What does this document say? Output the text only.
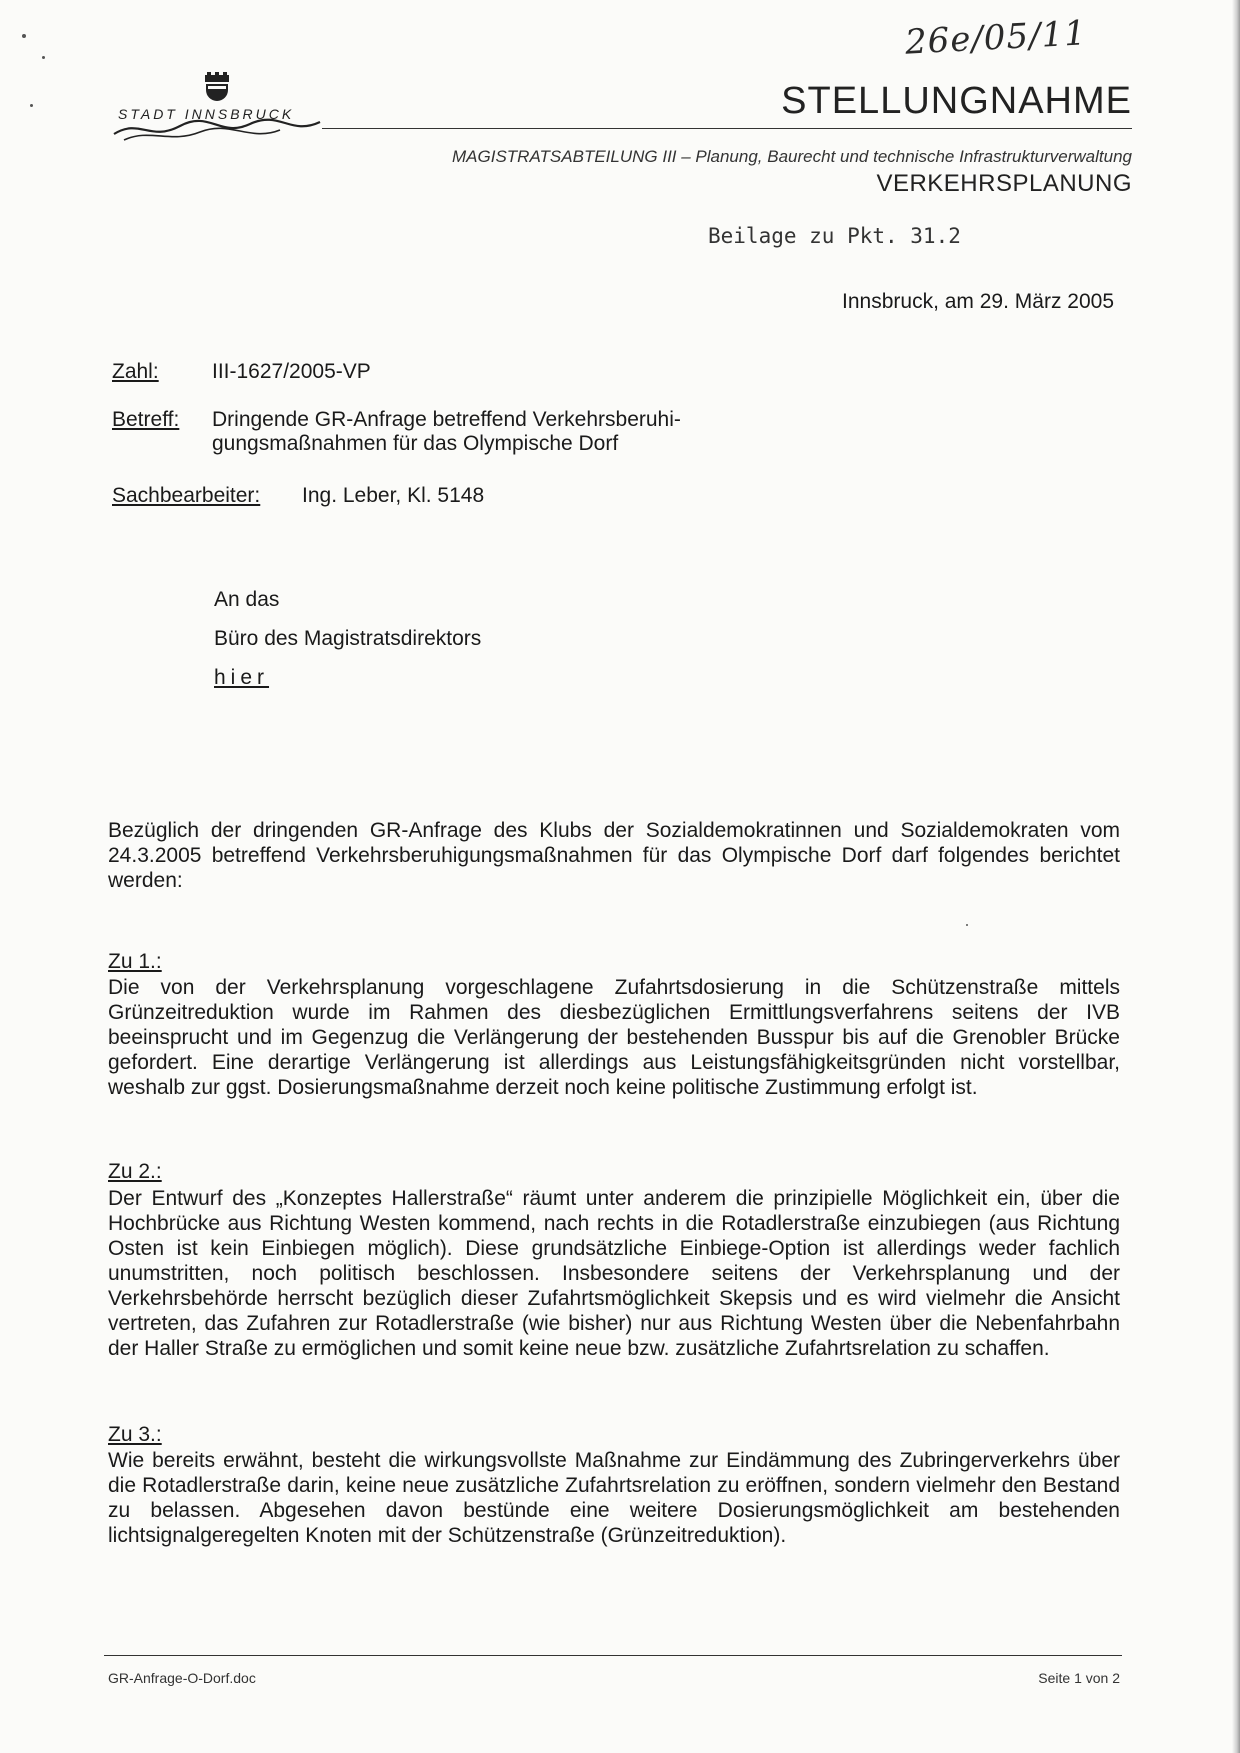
26e/05/11
STADT INNSBRUCK	STELLUNGNAHME
MAGISTRATSABTEILUNG III – Planung, Baurecht und technische Infrastrukturverwaltung
VERKEHRSPLANUNG
Beilage zu Pkt. 31.2
Innsbruck, am 29. März 2005
Zahl:	III-1627/2005-VP
Betreff: Dringende GR-Anfrage betreffend Verkehrsberuhi-
gungsmaßnahmen für das Olympische Dorf
Sachbearbeiter: Ing. Leber, Kl. 5148
An das
Büro des Magistratsdirektors
hier

Bezüglich der dringenden GR-Anfrage des Klubs der Sozialdemokratinnen und Sozialdemokraten vom 24.3.2005 betreffend Verkehrsberuhigungsmaßnahmen für das Olympische Dorf darf folgendes berichtet werden:

Zu 1.:

Die von der Verkehrsplanung vorgeschlagene Zufahrtsdosierung in die Schützenstraße mittels Grünzeitreduktion wurde im Rahmen des diesbezüglichen Ermittlungsverfahrens seitens der IVB beeinsprucht und im Gegenzug die Verlängerung der bestehenden Busspur bis auf die Grenobler Brücke gefordert. Eine derartige Verlängerung ist allerdings aus Leistungsfähigkeitsgründen nicht vorstellbar, weshalb zur ggst. Dosierungsmaßnahme derzeit noch keine politische Zustimmung erfolgt ist.

Zu 2.:

Der Entwurf des „Konzeptes Hallerstraße“ räumt unter anderem die prinzipielle Möglichkeit ein, über die Hochbrücke aus Richtung Westen kommend, nach rechts in die Rotadlerstraße einzubiegen (aus Richtung Osten ist kein Einbiegen möglich). Diese grundsätzliche Einbiege-Option ist allerdings weder fachlich unumstritten, noch politisch beschlossen. Insbesondere seitens der Verkehrsplanung und der Verkehrsbehörde herrscht bezüglich dieser Zufahrtsmöglichkeit Skepsis und es wird vielmehr die Ansicht vertreten, das Zufahren zur Rotadlerstraße (wie bisher) nur aus Richtung Westen über die Nebenfahrbahn der Haller Straße zu ermöglichen und somit keine neue bzw. zusätzliche Zufahrtsrelation zu schaffen.

Zu 3.:

Wie bereits erwähnt, besteht die wirkungsvollste Maßnahme zur Eindämmung des Zubringerverkehrs über die Rotadlerstraße darin, keine neue zusätzliche Zufahrtsrelation zu eröffnen, sondern vielmehr den Bestand zu belassen. Abgesehen davon bestünde eine weitere Dosierungsmöglichkeit am bestehenden lichtsignalgeregelten Knoten mit der Schützenstraße (Grünzeitreduktion).

GR-Anfrage-O-Dorf.doc	Seite 1 von 2
